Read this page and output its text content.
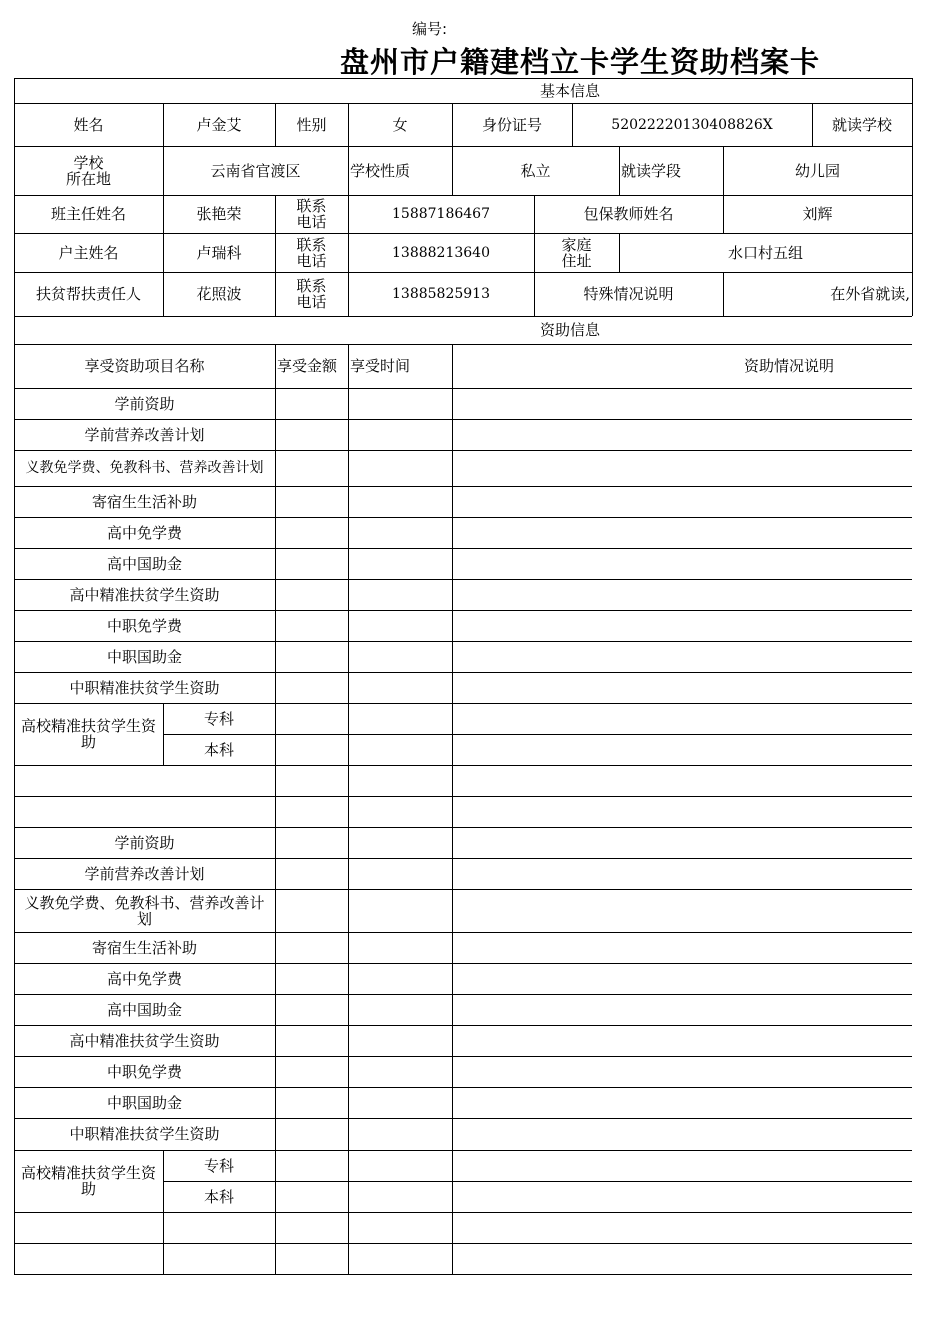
编号:
盘州市户籍建档立卡学生资助档案卡
基本信息
姓名	卢金艾	性别	女	身份证号	52022220130408826X	就读学校
学校
所在地	云南省官渡区	学校性质	私立	就读学段	幼儿园
班主任姓名	张艳荣	联系
电话	15887186467	包保教师姓名	刘辉
户主姓名	卢瑞科	联系
电话	13888213640	家庭
住址	水口村五组
扶贫帮扶责任人	花照波	联系
电话	13885825913	特殊情况说明	在外省就读,
资助信息
享受资助项目名称	享受金额 享受时间	资助情况说明
学前资助
学前营养改善计划
义教免学费、免教科书、营养改善计划
寄宿生生活补助
高中免学费
高中国助金
高中精准扶贫学生资助
中职免学费
中职国助金
中职精准扶贫学生资助
高校精准扶贫学生资
助
专科
本科
学前资助
学前营养改善计划
义教免学费、免教科书、营养改善计
划
寄宿生生活补助
高中免学费
高中国助金
高中精准扶贫学生资助
中职免学费
中职国助金
中职精准扶贫学生资助
高校精准扶贫学生资
助
专科
本科
